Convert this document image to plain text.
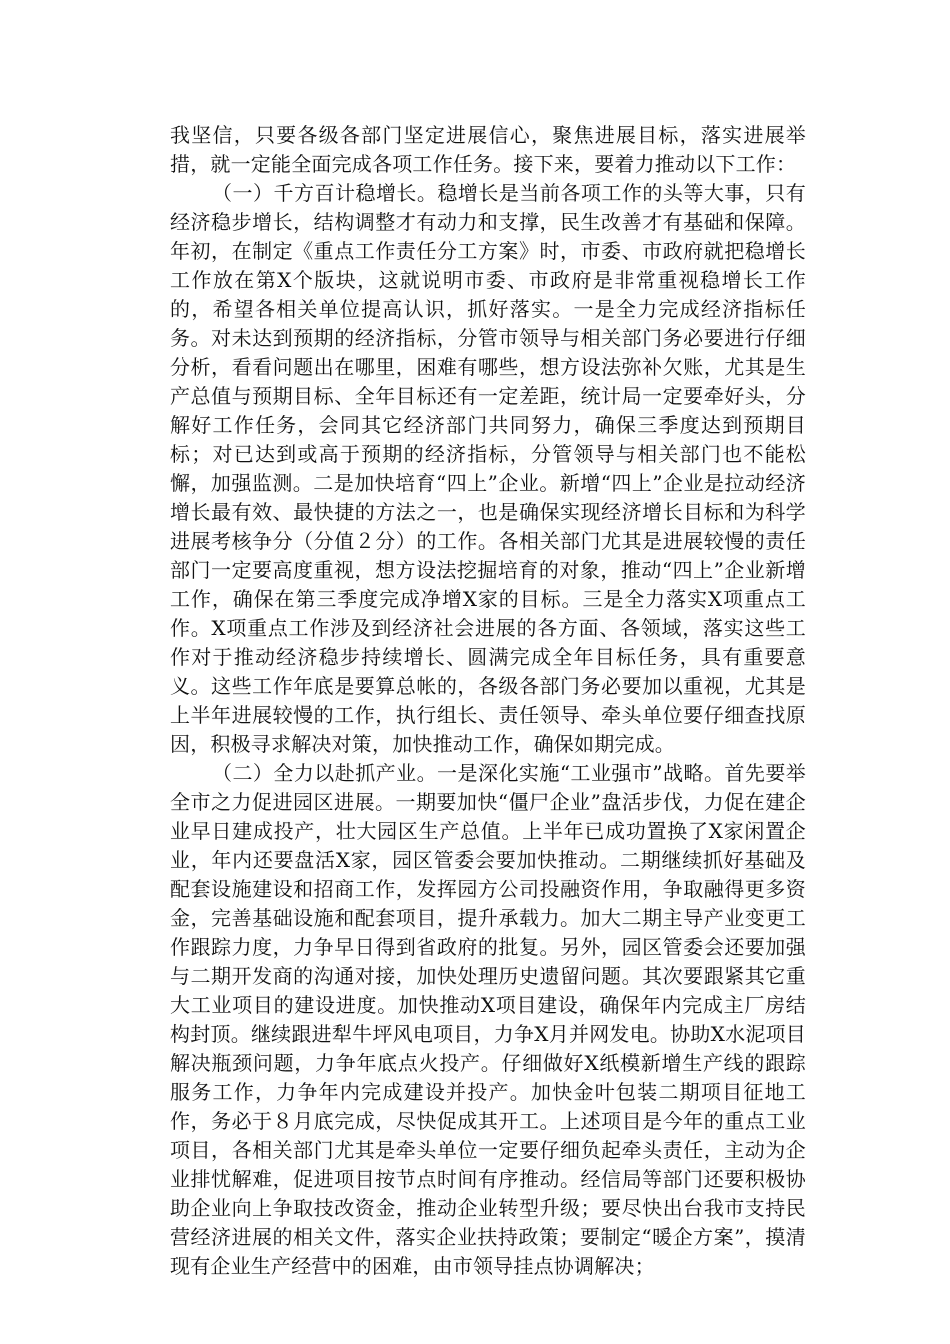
我坚信，只要各级各部门坚定进展信心，聚焦进展目标，落实进展举措，就一定能全面完成各项工作任务。接下来，要着力推动以下工作：

（一）千方百计稳增长。稳增长是当前各项工作的头等大事，只有经济稳步增长，结构调整才有动力和支撑，民生改善才有基础和保障。年初，在制定《重点工作责任分工方案》时，市委、市政府就把稳增长工作放在第X个版块，这就说明市委、市政府是非常重视稳增长工作的，希望各相关单位提高认识，抓好落实。一是全力完成经济指标任务。对未达到预期的经济指标，分管市领导与相关部门务必要进行仔细分析，看看问题出在哪里，困难有哪些，想方设法弥补欠账，尤其是生产总值与预期目标、全年目标还有一定差距，统计局一定要牵好头，分解好工作任务，会同其它经济部门共同努力，确保三季度达到预期目标；对已达到或高于预期的经济指标，分管领导与相关部门也不能松懈，加强监测。二是加快培育“四上”企业。新增“四上”企业是拉动经济增长最有效、最快捷的方法之一，也是确保实现经济增长目标和为科学进展考核争分（分值２分）的工作。各相关部门尤其是进展较慢的责任部门一定要高度重视，想方设法挖掘培育的对象，推动“四上”企业新增工作，确保在第三季度完成净增X家的目标。三是全力落实X项重点工作。X项重点工作涉及到经济社会进展的各方面、各领域，落实这些工作对于推动经济稳步持续增长、圆满完成全年目标任务，具有重要意义。这些工作年底是要算总帐的，各级各部门务必要加以重视，尤其是上半年进展较慢的工作，执行组长、责任领导、牵头单位要仔细查找原因，积极寻求解决对策，加快推动工作，确保如期完成。

（二）全力以赴抓产业。一是深化实施“工业强市”战略。首先要举全市之力促进园区进展。一期要加快“僵尸企业”盘活步伐，力促在建企业早日建成投产，壮大园区生产总值。上半年已成功置换了X家闲置企业，年内还要盘活X家，园区管委会要加快推动。二期继续抓好基础及配套设施建设和招商工作，发挥园方公司投融资作用，争取融得更多资金，完善基础设施和配套项目，提升承载力。加大二期主导产业变更工作跟踪力度，力争早日得到省政府的批复。另外，园区管委会还要加强与二期开发商的沟通对接，加快处理历史遗留问题。其次要跟紧其它重大工业项目的建设进度。加快推动X项目建设，确保年内完成主厂房结构封顶。继续跟进犁牛坪风电项目，力争X月并网发电。协助X水泥项目解决瓶颈问题，力争年底点火投产。仔细做好X纸模新增生产线的跟踪服务工作，力争年内完成建设并投产。加快金叶包装二期项目征地工作，务必于８月底完成，尽快促成其开工。上述项目是今年的重点工业项目，各相关部门尤其是牵头单位一定要仔细负起牵头责任，主动为企业排忧解难，促进项目按节点时间有序推动。经信局等部门还要积极协助企业向上争取技改资金，推动企业转型升级；要尽快出台我市支持民营经济进展的相关文件，落实企业扶持政策；要制定“暖企方案”，摸清现有企业生产经营中的困难，由市领导挂点协调解决；
